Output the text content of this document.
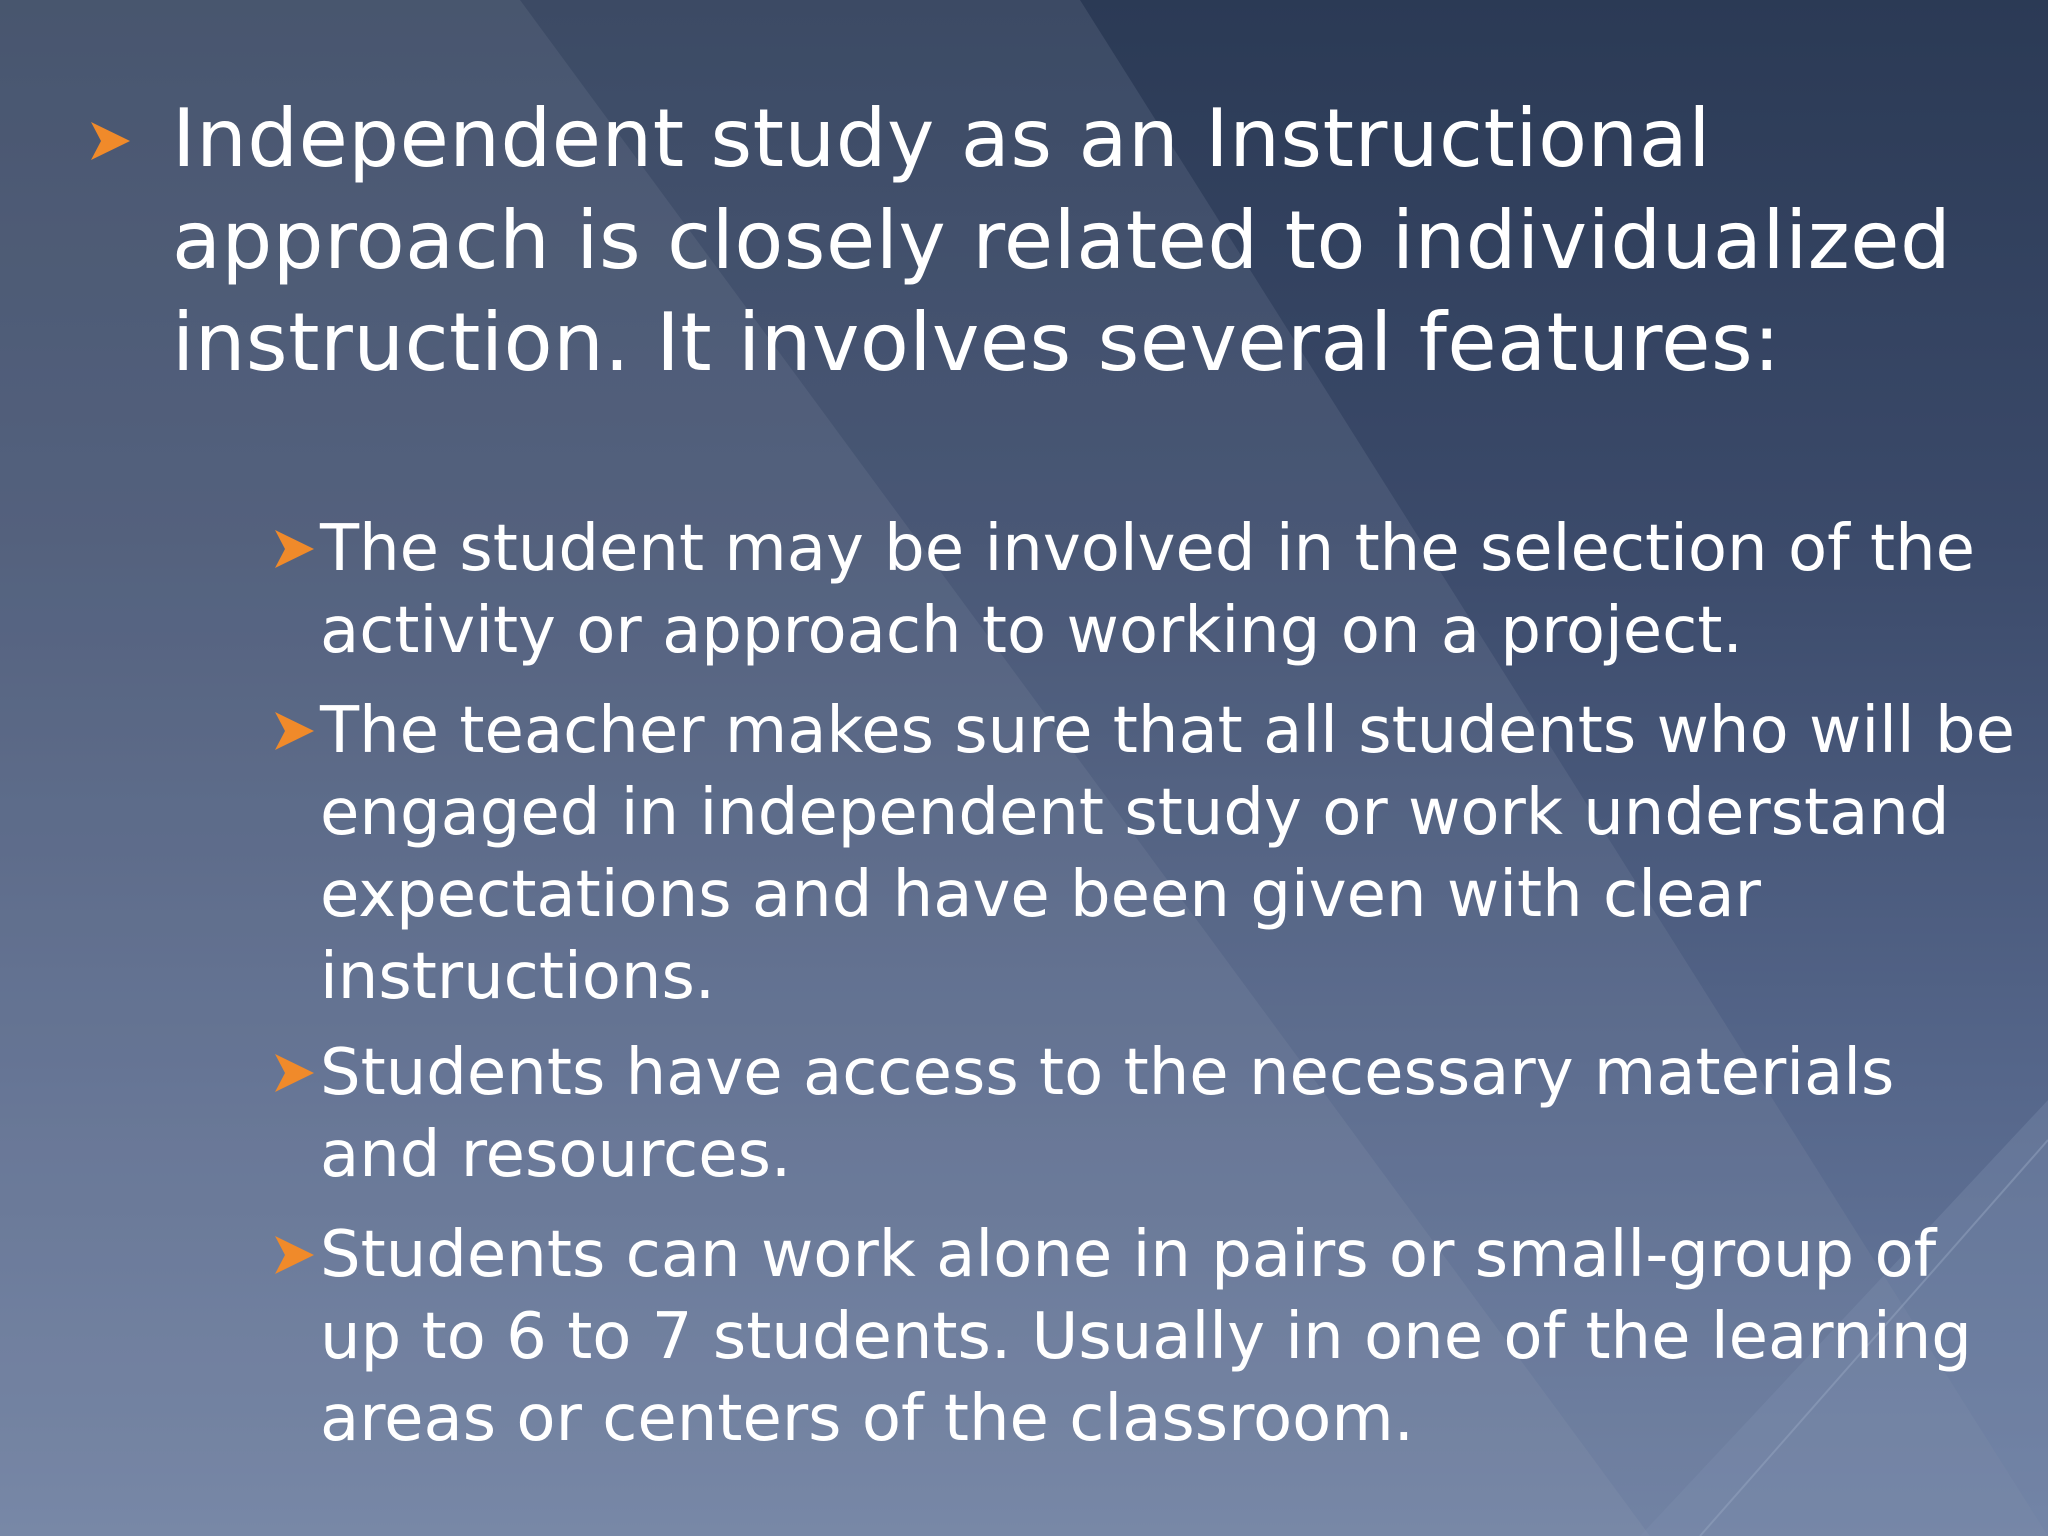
Independent study as an Instructional approach is closely related to individualized instruction. It involves several features:
The student may be involved in the selection of the activity or approach to working on a project.
The teacher makes sure that all students who will be engaged in independent study or work understand expectations and have been given with clear instructions.
Students have access to the necessary materials and resources.
Students can work alone in pairs or small-group of up to 6 to 7 students. Usually in one of the learning areas or centers of the classroom.
